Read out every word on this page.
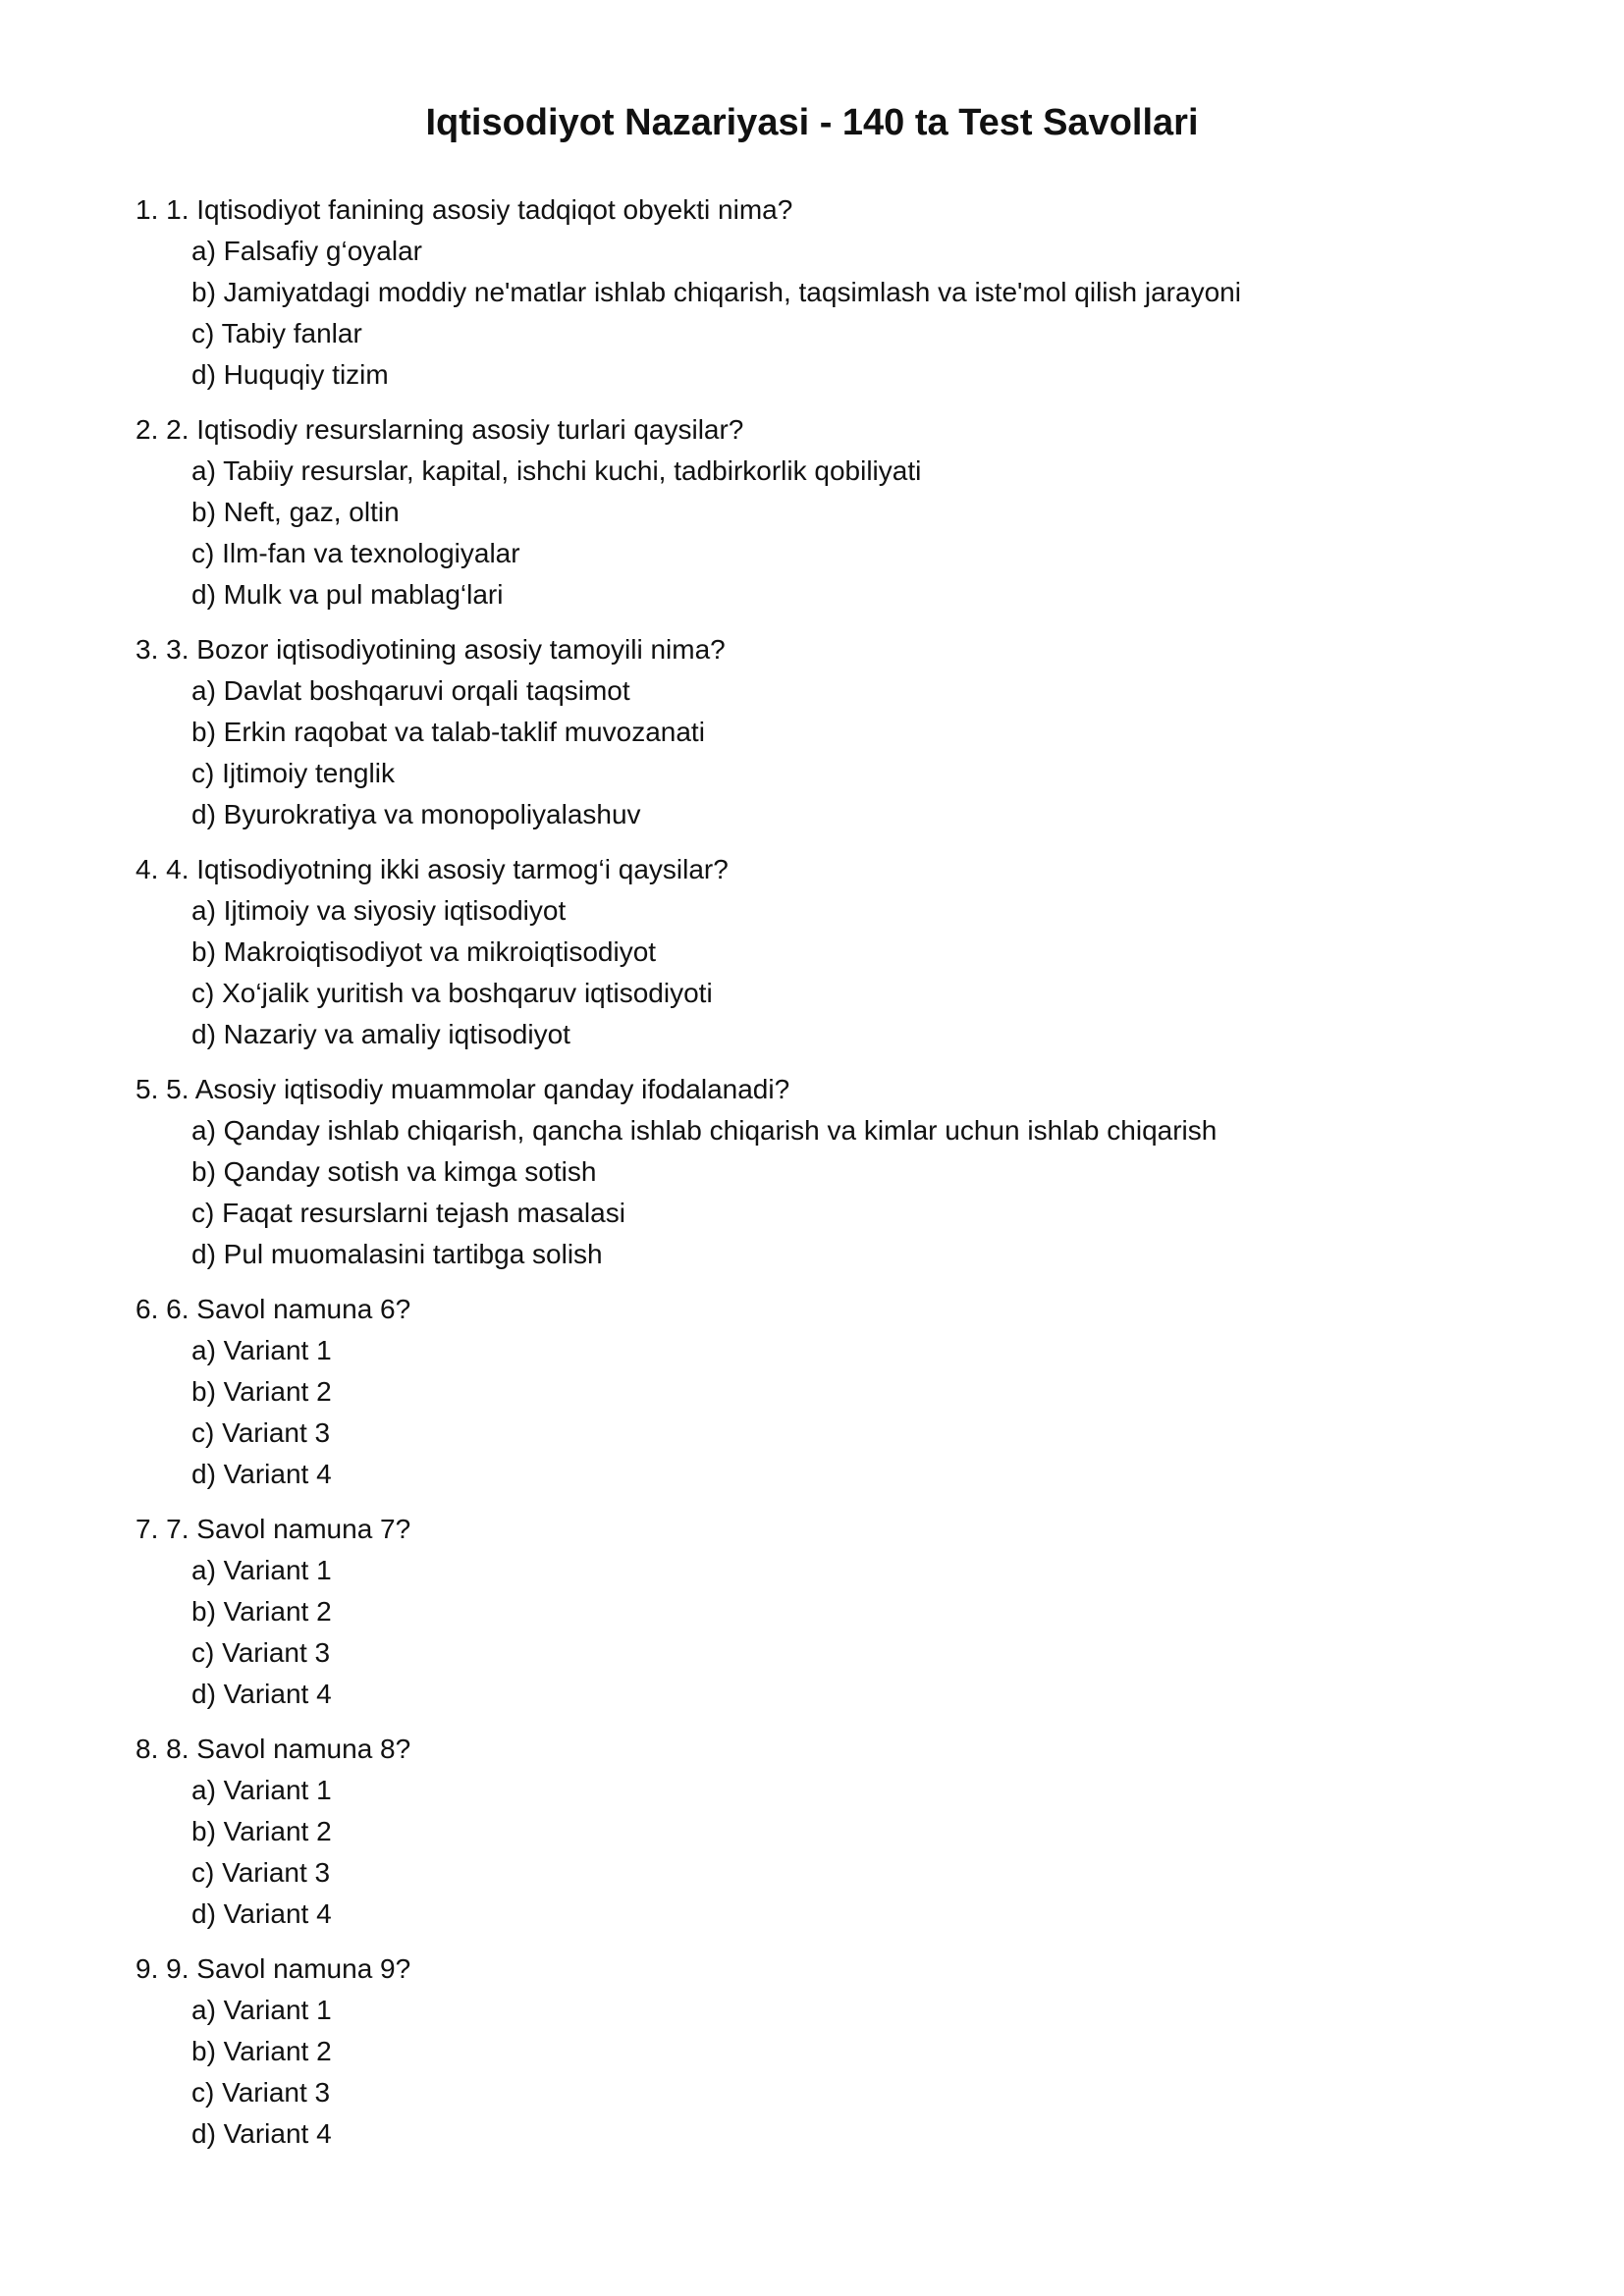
Iqtisodiyot Nazariyasi - 140 ta Test Savollari
1. 1. Iqtisodiyot fanining asosiy tadqiqot obyekti nima?
a) Falsafiy g‘oyalar
b) Jamiyatdagi moddiy ne'matlar ishlab chiqarish, taqsimlash va iste'mol qilish jarayoni
c) Tabiy fanlar
d) Huquqiy tizim
2. 2. Iqtisodiy resurslarning asosiy turlari qaysilar?
a) Tabiiy resurslar, kapital, ishchi kuchi, tadbirkorlik qobiliyati
b) Neft, gaz, oltin
c) Ilm-fan va texnologiyalar
d) Mulk va pul mablag‘lari
3. 3. Bozor iqtisodiyotining asosiy tamoyili nima?
a) Davlat boshqaruvi orqali taqsimot
b) Erkin raqobat va talab-taklif muvozanati
c) Ijtimoiy tenglik
d) Byurokratiya va monopoliyalashuv
4. 4. Iqtisodiyotning ikki asosiy tarmog‘i qaysilar?
a) Ijtimoiy va siyosiy iqtisodiyot
b) Makroiqtisodiyot va mikroiqtisodiyot
c) Xo‘jalik yuritish va boshqaruv iqtisodiyoti
d) Nazariy va amaliy iqtisodiyot
5. 5. Asosiy iqtisodiy muammolar qanday ifodalanadi?
a) Qanday ishlab chiqarish, qancha ishlab chiqarish va kimlar uchun ishlab chiqarish
b) Qanday sotish va kimga sotish
c) Faqat resurslarni tejash masalasi
d) Pul muomalasini tartibga solish
6. 6. Savol namuna 6?
a) Variant 1
b) Variant 2
c) Variant 3
d) Variant 4
7. 7. Savol namuna 7?
a) Variant 1
b) Variant 2
c) Variant 3
d) Variant 4
8. 8. Savol namuna 8?
a) Variant 1
b) Variant 2
c) Variant 3
d) Variant 4
9. 9. Savol namuna 9?
a) Variant 1
b) Variant 2
c) Variant 3
d) Variant 4
